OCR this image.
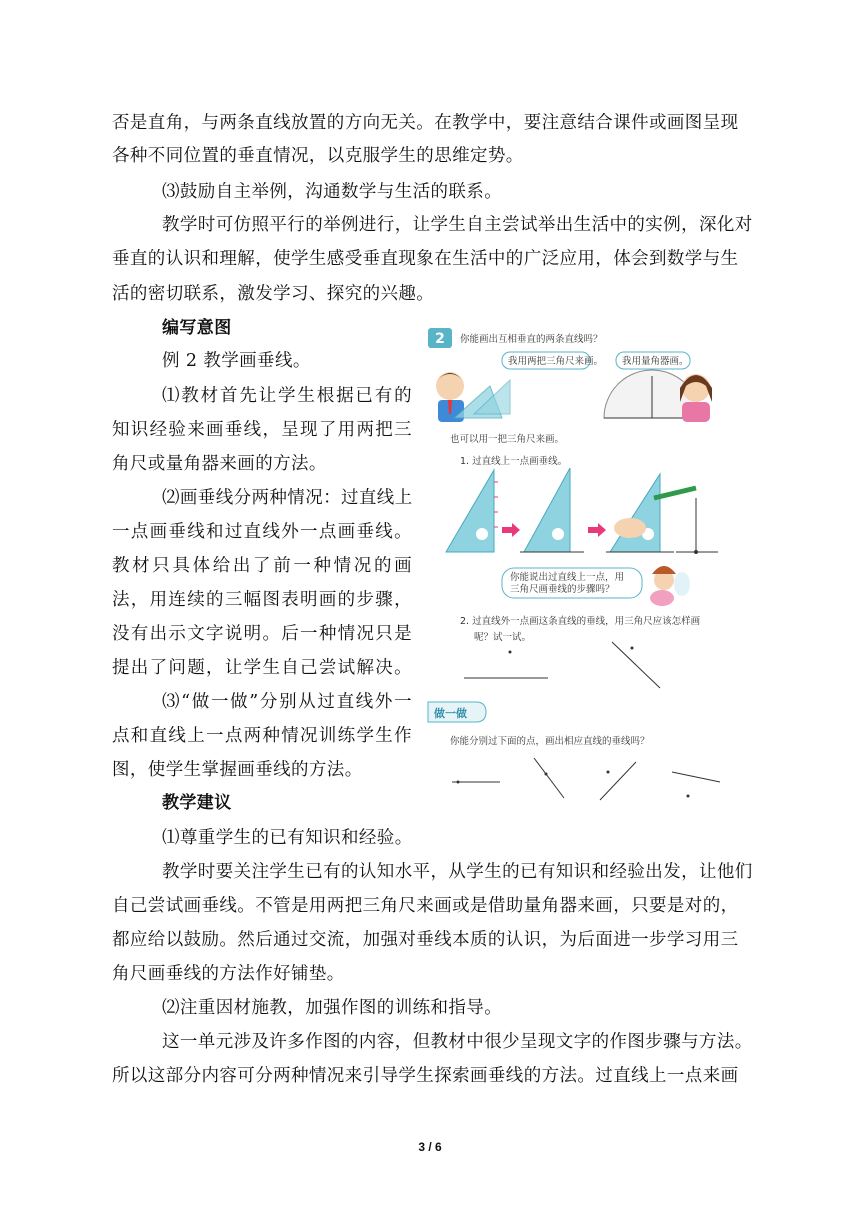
否是直角，与两条直线放置的方向无关。在教学中，要注意结合课件或画图呈现
各种不同位置的垂直情况，以克服学生的思维定势。
⑶鼓励自主举例，沟通数学与生活的联系。
教学时可仿照平行的举例进行，让学生自主尝试举出生活中的实例，深化对
垂直的认识和理解，使学生感受垂直现象在生活中的广泛应用，体会到数学与生
活的密切联系，激发学习、探究的兴趣。
编写意图
例 2 教学画垂线。
⑴教材首先让学生根据已有的
知识经验来画垂线，呈现了用两把三
角尺或量角器来画的方法。
⑵画垂线分两种情况：过直线上
一点画垂线和过直线外一点画垂线。
教材只具体给出了前一种情况的画
法，用连续的三幅图表明画的步骤，
没有出示文字说明。后一种情况只是
提出了问题，让学生自己尝试解决。
⑶“做一做”分别从过直线外一
点和直线上一点两种情况训练学生作
图，使学生掌握画垂线的方法。
教学建议
⑴尊重学生的已有知识和经验。
教学时要关注学生已有的认知水平，从学生的已有知识和经验出发，让他们
自己尝试画垂线。不管是用两把三角尺来画或是借助量角器来画，只要是对的，
都应给以鼓励。然后通过交流，加强对垂线本质的认识，为后面进一步学习用三
角尺画垂线的方法作好铺垫。
⑵注重因材施教，加强作图的训练和指导。
这一单元涉及许多作图的内容，但教材中很少呈现文字的作图步骤与方法。
所以这部分内容可分两种情况来引导学生探索画垂线的方法。过直线上一点来画
2 你能画出互相垂直的两条直线吗？
我用两把三角尺来画。 我用量角器画。
也可以用一把三角尺来画。
1. 过直线上一点画垂线。
你能说出过直线上一点，用
三角尺画垂线的步骤吗？
2. 过直线外一点画这条直线的垂线，用三角尺应该怎样画
呢？试一试。
做一做
你能分别过下面的点，画出相应直线的垂线吗？
3 / 6
